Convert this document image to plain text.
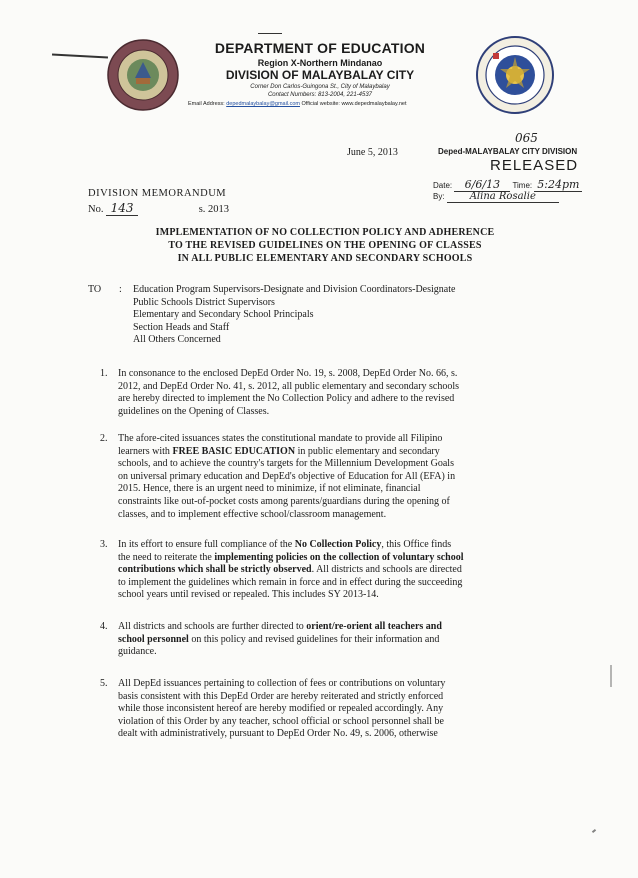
DEPARTMENT OF EDUCATION
Region X-Northern Mindanao
DIVISION OF MALAYBALAY CITY
Corner Don Carlos-Guingona St., City of Malaybalay
Contact Numbers: 813-2004, 221-4537
Email Address: depedmalaybalay@gmail.com Official website: www.depedmalaybalay.net
June 5, 2013
065
Deped-MALAYBALAY CITY DIVISION
RELEASED
Date: 6/6/13 Time: 5:24pm
By:	Alina Rosalie
DIVISION MEMORANDUM
No. 143	s. 2013
IMPLEMENTATION OF NO COLLECTION POLICY AND ADHERENCE
TO THE REVISED GUIDELINES ON THE OPENING OF CLASSES
IN ALL PUBLIC ELEMENTARY AND SECONDARY SCHOOLS
TO : Education Program Supervisors-Designate and Division Coordinators-Designate
Public Schools District Supervisors
Elementary and Secondary School Principals
Section Heads and Staff
All Others Concerned
1. In consonance to the enclosed DepEd Order No. 19, s. 2008, DepEd Order No. 66, s.
2012, and DepEd Order No. 41, s. 2012, all public elementary and secondary schools
are hereby directed to implement the No Collection Policy and adhere to the revised
guidelines on the Opening of Classes.
2. The afore-cited issuances states the constitutional mandate to provide all Filipino
learners with FREE BASIC EDUCATION in public elementary and secondary
schools, and to achieve the country's targets for the Millennium Development Goals
on universal primary education and DepEd's objective of Education for All (EFA) in
2015. Hence, there is an urgent need to minimize, if not eliminate, financial
constraints like out-of-pocket costs among parents/guardians during the opening of
classes, and to implement effective school/classroom management.
3. In its effort to ensure full compliance of the No Collection Policy, this Office finds
the need to reiterate the implementing policies on the collection of voluntary school
contributions which shall be strictly observed. All districts and schools are directed
to implement the guidelines which remain in force and in effect during the succeeding
school years until revised or repealed. This includes SY 2013-14.
4. All districts and schools are further directed to orient/re-orient all teachers and
school personnel on this policy and revised guidelines for their information and
guidance.
5. All DepEd issuances pertaining to collection of fees or contributions on voluntary
basis consistent with this DepEd Order are hereby reiterated and strictly enforced
while those inconsistent hereof are hereby modified or repealed accordingly. Any
violation of this Order by any teacher, school official or school personnel shall be
dealt with administratively, pursuant to DepEd Order No. 49, s. 2006, otherwise
